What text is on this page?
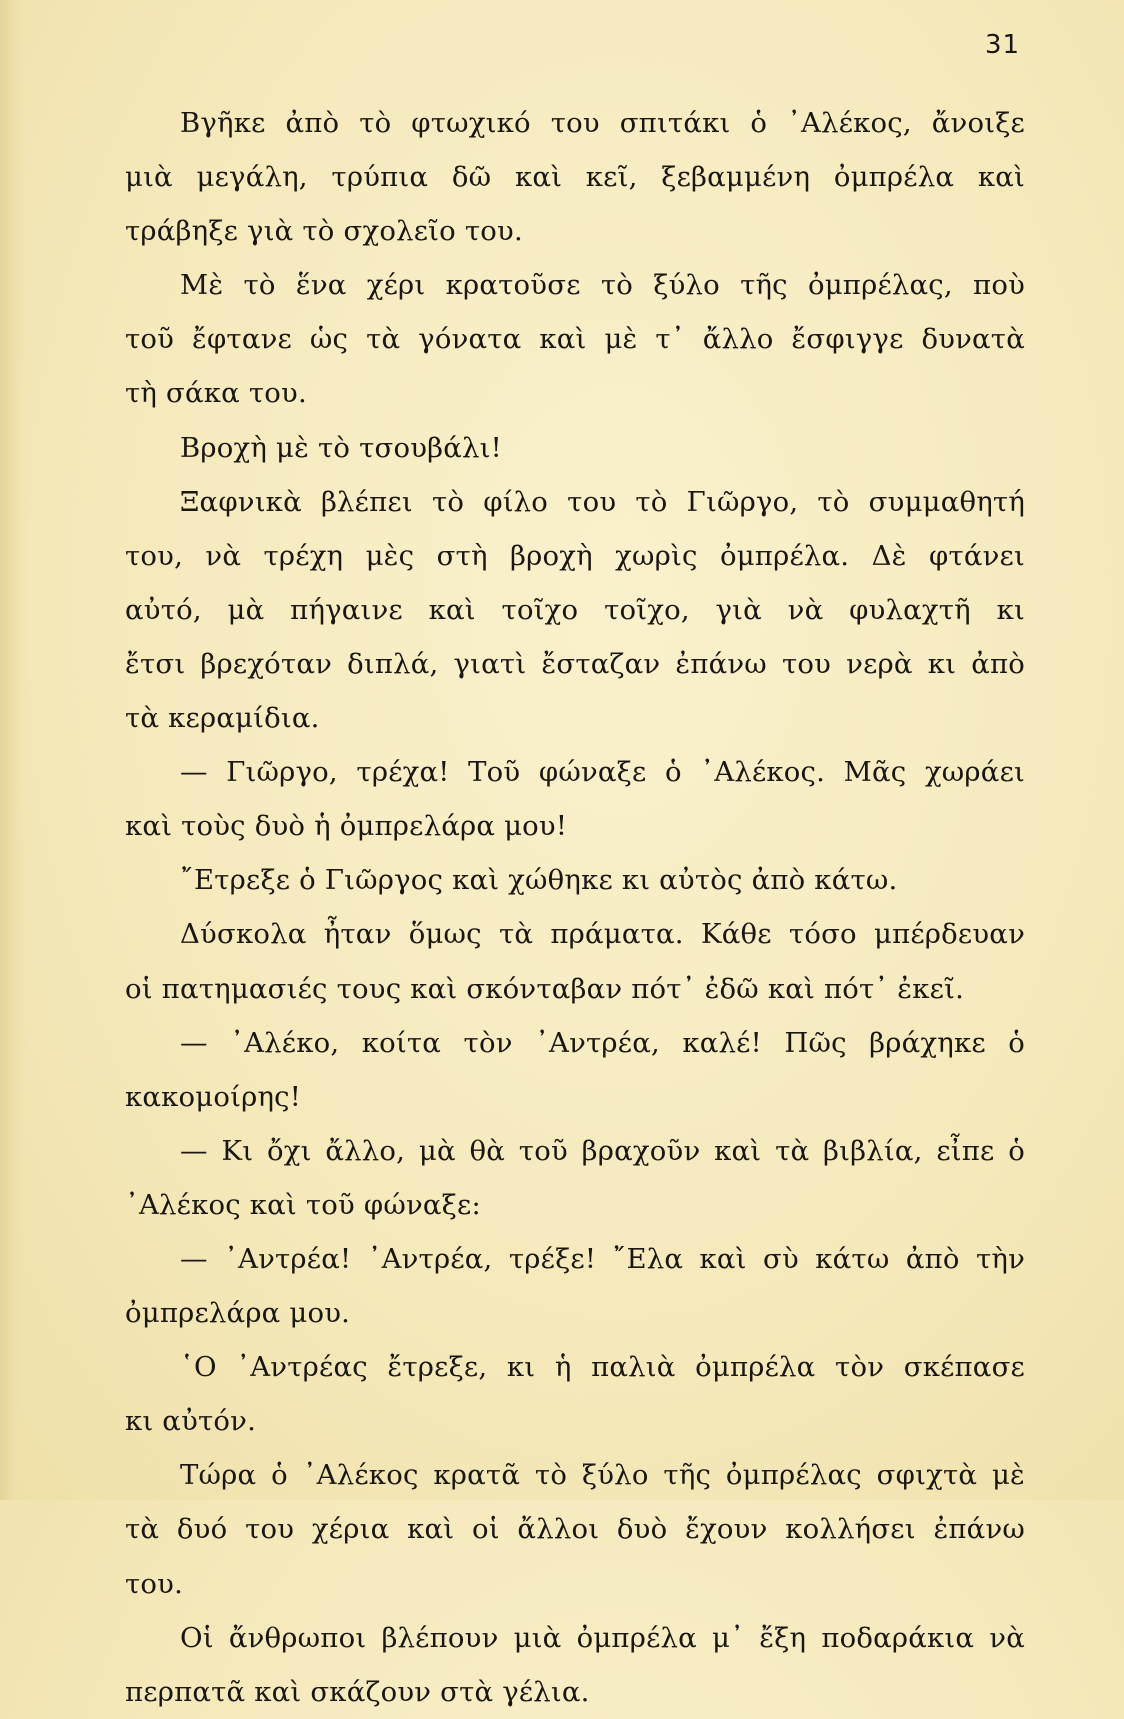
31
Βγῆκε ἀπὸ τὸ φτωχικό του σπιτάκι ὁ ᾿Αλέκος, ἄνοιξε
μιὰ μεγάλη, τρύπια δῶ καὶ κεῖ, ξεβαμμένη ὀμπρέλα καὶ
τράβηξε γιὰ τὸ σχολεῖο του.
Μὲ τὸ ἕνα χέρι κρατοῦσε τὸ ξύλο τῆς ὀμπρέλας, ποὺ
τοῦ ἔφτανε ὡς τὰ γόνατα καὶ μὲ τ᾿ ἄλλο ἔσφιγγε δυνατὰ
τὴ σάκα του.
Βροχὴ μὲ τὸ τσουβάλι!
Ξαφνικὰ βλέπει τὸ φίλο του τὸ Γιῶργο, τὸ συμμαθητή
του, νὰ τρέχη μὲς στὴ βροχὴ χωρὶς ὀμπρέλα. Δὲ φτάνει
αὐτό, μὰ πήγαινε καὶ τοῖχο τοῖχο, γιὰ νὰ φυλαχτῆ κι
ἔτσι βρεχόταν διπλά, γιατὶ ἔσταζαν ἐπάνω του νερὰ κι ἀπὸ
τὰ κεραμίδια.
— Γιῶργο, τρέχα! Τοῦ φώναξε ὁ ᾿Αλέκος. Μᾶς χωράει
καὶ τοὺς δυὸ ἡ ὀμπρελάρα μου!
῎Ετρεξε ὁ Γιῶργος καὶ χώθηκε κι αὐτὸς ἀπὸ κάτω.
Δύσκολα ἦταν ὅμως τὰ πράματα. Κάθε τόσο μπέρδευαν
οἱ πατημασιές τους καὶ σκόνταβαν πότ᾿ ἐδῶ καὶ πότ᾿ ἐκεῖ.
— ᾿Αλέκο, κοίτα τὸν ᾿Αντρέα, καλέ! Πῶς βράχηκε ὁ
κακομοίρης!
— Κι ὄχι ἄλλο, μὰ θὰ τοῦ βραχοῦν καὶ τὰ βιβλία, εἶπε ὁ
᾿Αλέκος καὶ τοῦ φώναξε:
— ᾿Αντρέα! ᾿Αντρέα, τρέξε! ῎Ελα καὶ σὺ κάτω ἀπὸ τὴν
ὀμπρελάρα μου.
῾Ο ᾿Αντρέας ἔτρεξε, κι ἡ παλιὰ ὀμπρέλα τὸν σκέπασε
κι αὐτόν.
Τώρα ὁ ᾿Αλέκος κρατᾶ τὸ ξύλο τῆς ὀμπρέλας σφιχτὰ μὲ
τὰ δυό του χέρια καὶ οἱ ἄλλοι δυὸ ἔχουν κολλήσει ἐπάνω
του.
Οἱ ἄνθρωποι βλέπουν μιὰ ὀμπρέλα μ᾿ ἔξη ποδαράκια νὰ
περπατᾶ καὶ σκάζουν στὰ γέλια.
